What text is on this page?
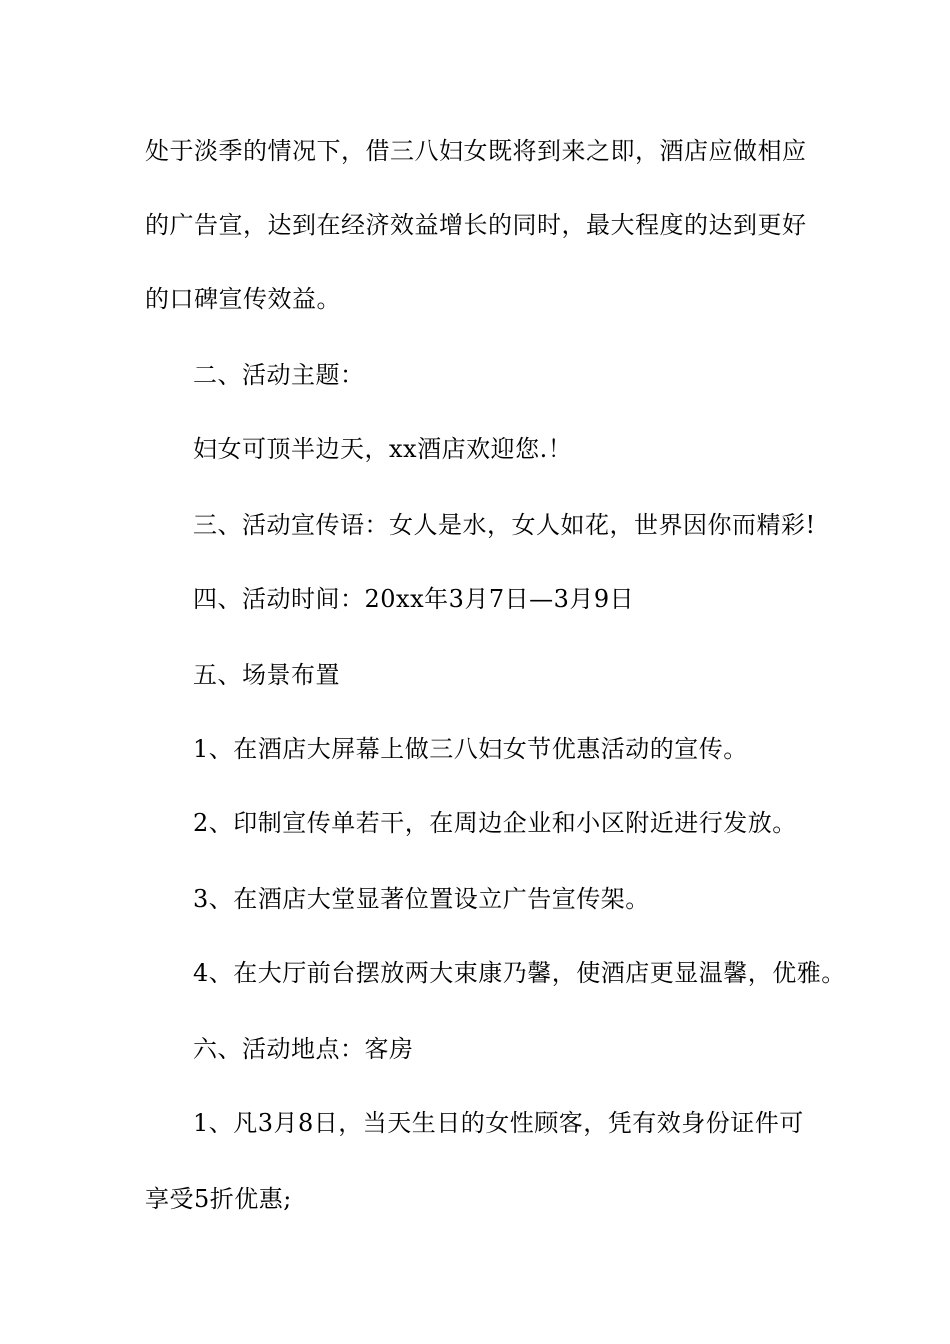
处于淡季的情况下，借三八妇女既将到来之即，酒店应做相应
的广告宣，达到在经济效益增长的同时，最大程度的达到更好
的口碑宣传效益。
二、活动主题：
妇女可顶半边天，xx酒店欢迎您.！
三、活动宣传语：女人是水，女人如花，世界因你而精彩!
四、活动时间：20xx年3月7日—3月9日
五、场景布置
1、在酒店大屏幕上做三八妇女节优惠活动的宣传。
2、印制宣传单若干，在周边企业和小区附近进行发放。
3、在酒店大堂显著位置设立广告宣传架。
4、在大厅前台摆放两大束康乃馨，使酒店更显温馨，优雅。
六、活动地点：客房
1、凡3月8日，当天生日的女性顾客，凭有效身份证件可
享受5折优惠;
